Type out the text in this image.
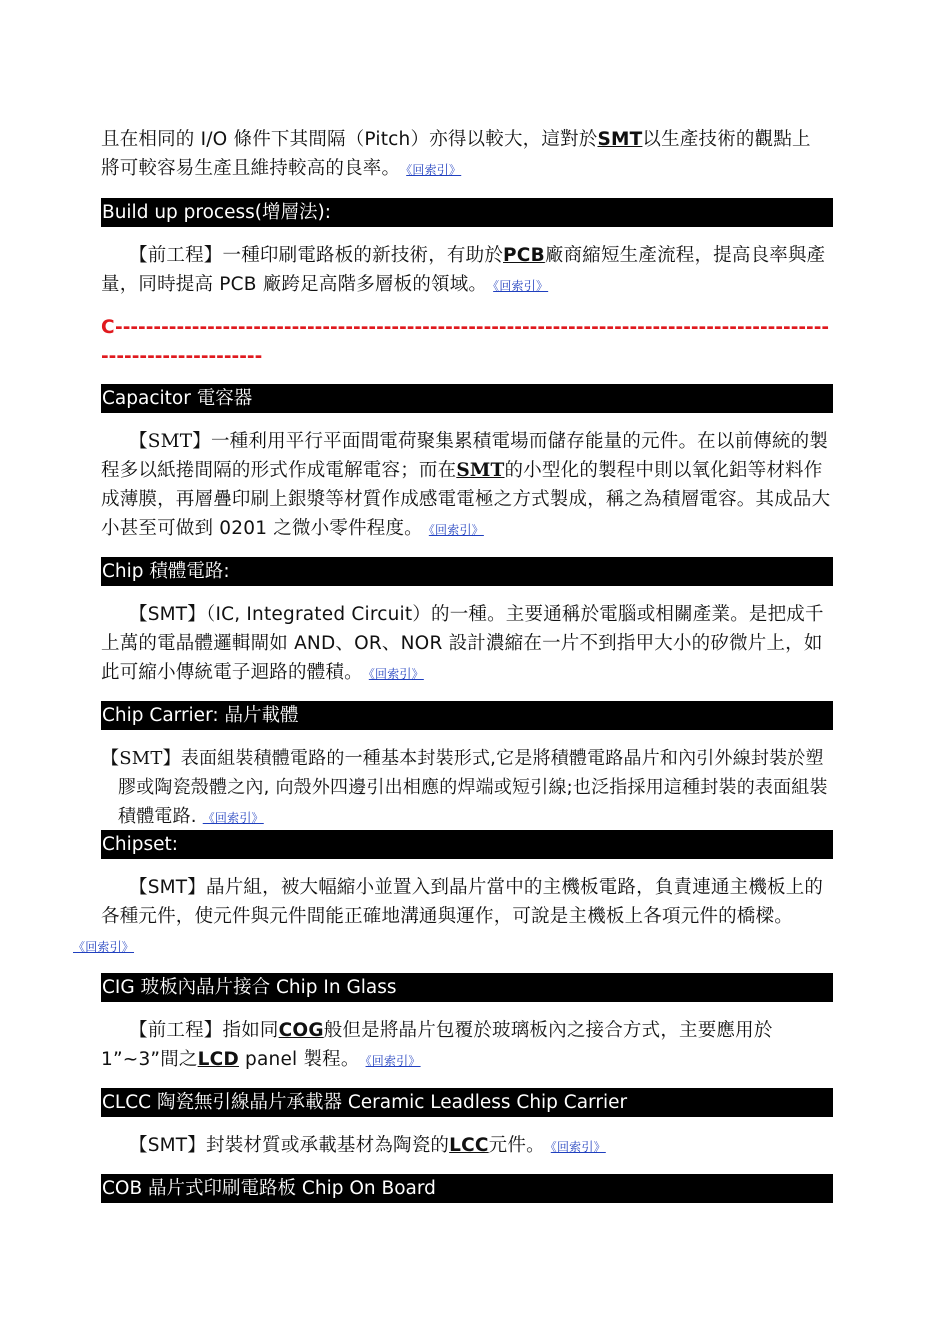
且在相同的 I/O 條件下其間隔（Pitch）亦得以較大，這對於SMT以生產技術的觀點上
將可較容易生產且維持較高的良率。 《回索引》
Build up process(增層法):
【前工程】一種印刷電路板的新技術，有助於PCB廠商縮短生產流程，提高良率與產量，同時提高 PCB 廠跨足高階多層板的領域。 《回索引》
C------------------------------------------------------------------------------------------------------------------
Capacitor 電容器
【SMT】一種利用平行平面間電荷聚集累積電場而儲存能量的元件。在以前傳統的製程多以紙捲間隔的形式作成電解電容；而在SMT的小型化的製程中則以氧化鋁等材料作成薄膜，再層疊印刷上銀漿等材質作成感電電極之方式製成，稱之為積層電容。其成品大小甚至可做到 0201 之微小零件程度。 《回索引》
Chip 積體電路:
【SMT】（IC, Integrated Circuit）的一種。主要通稱於電腦或相關產業。是把成千上萬的電晶體邏輯閘如 AND、OR、NOR 設計濃縮在一片不到指甲大小的矽微片上，如此可縮小傳統電子迴路的體積。 《回索引》
Chip Carrier: 晶片載體
【SMT】表面組裝積體電路的一種基本封裝形式,它是將積體電路晶片和內引外線封裝於塑膠或陶瓷殼體之內, 向殼外四邊引出相應的焊端或短引線;也泛指採用這種封裝的表面組裝積體電路. 《回索引》
Chipset:
【SMT】晶片組，被大幅縮小並置入到晶片當中的主機板電路，負責連通主機板上的各種元件，使元件與元件間能正確地溝通與運作，可說是主機板上各項元件的橋樑。
《回索引》
CIG 玻板內晶片接合 Chip In Glass
【前工程】指如同COG般但是將晶片包覆於玻璃板內之接合方式，主要應用於1”~3”間之LCD panel 製程。 《回索引》
CLCC 陶瓷無引線晶片承載器 Ceramic Leadless Chip Carrier
【SMT】封裝材質或承載基材為陶瓷的LCC元件。 《回索引》
COB 晶片式印刷電路板 Chip On Board
